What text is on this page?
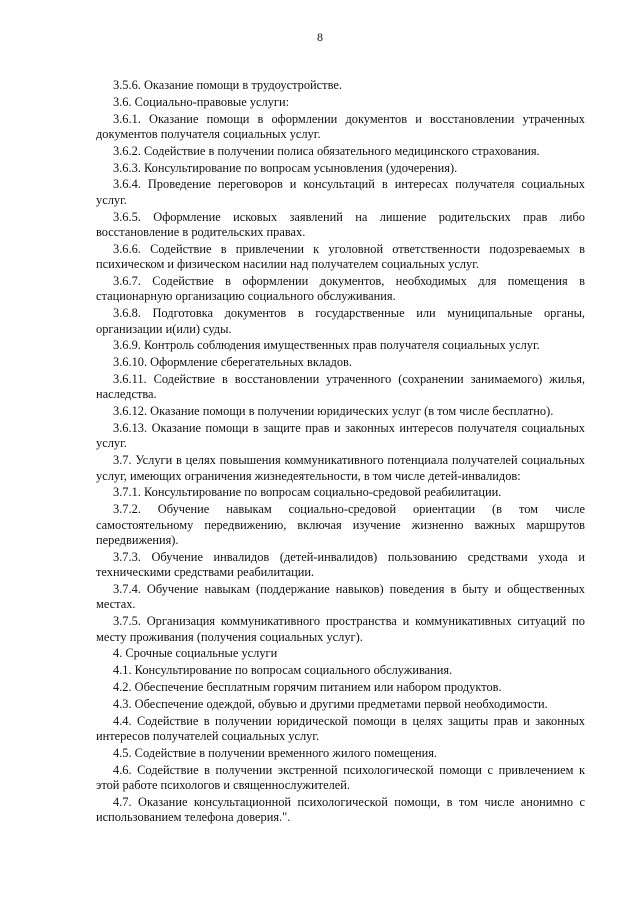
8

3.5.6. Оказание помощи в трудоустройстве.

3.6. Социально-правовые услуги:

3.6.1. Оказание помощи в оформлении документов и восстановлении утраченных документов получателя социальных услуг.

3.6.2. Содействие в получении полиса обязательного медицинского страхования.

3.6.3. Консультирование по вопросам усыновления (удочерения).

3.6.4. Проведение переговоров и консультаций в интересах получателя социальных услуг.

3.6.5. Оформление исковых заявлений на лишение родительских прав либо восстановление в родительских правах.

3.6.6. Содействие в привлечении к уголовной ответственности подозреваемых в психическом и физическом насилии над получателем социальных услуг.

3.6.7. Содействие в оформлении документов, необходимых для помещения в стационарную организацию социального обслуживания.

3.6.8. Подготовка документов в государственные или муниципальные органы, организации и(или) суды.

3.6.9. Контроль соблюдения имущественных прав получателя социальных услуг.

3.6.10. Оформление сберегательных вкладов.

3.6.11. Содействие в восстановлении утраченного (сохранении занимаемого) жилья, наследства.

3.6.12. Оказание помощи в получении юридических услуг (в том числе бесплатно).

3.6.13. Оказание помощи в защите прав и законных интересов получателя социальных услуг.

3.7. Услуги в целях повышения коммуникативного потенциала получателей социальных услуг, имеющих ограничения жизнедеятельности, в том числе детей-инвалидов:

3.7.1. Консультирование по вопросам социально-средовой реабилитации.

3.7.2. Обучение навыкам социально-средовой ориентации (в том числе самостоятельному передвижению, включая изучение жизненно важных маршрутов передвижения).

3.7.3. Обучение инвалидов (детей-инвалидов) пользованию средствами ухода и техническими средствами реабилитации.

3.7.4. Обучение навыкам (поддержание навыков) поведения в быту и общественных местах.

3.7.5. Организация коммуникативного пространства и коммуникативных ситуаций по месту проживания (получения социальных услуг).

4. Срочные социальные услуги

4.1. Консультирование по вопросам социального обслуживания.

4.2. Обеспечение бесплатным горячим питанием или набором продуктов.

4.3. Обеспечение одеждой, обувью и другими предметами первой необходимости.

4.4. Содействие в получении юридической помощи в целях защиты прав и законных интересов получателей социальных услуг.

4.5. Содействие в получении временного жилого помещения.

4.6. Содействие в получении экстренной психологической помощи с привлечением к этой работе психологов и священнослужителей.

4.7. Оказание консультационной психологической помощи, в том числе анонимно с использованием телефона доверия.".
